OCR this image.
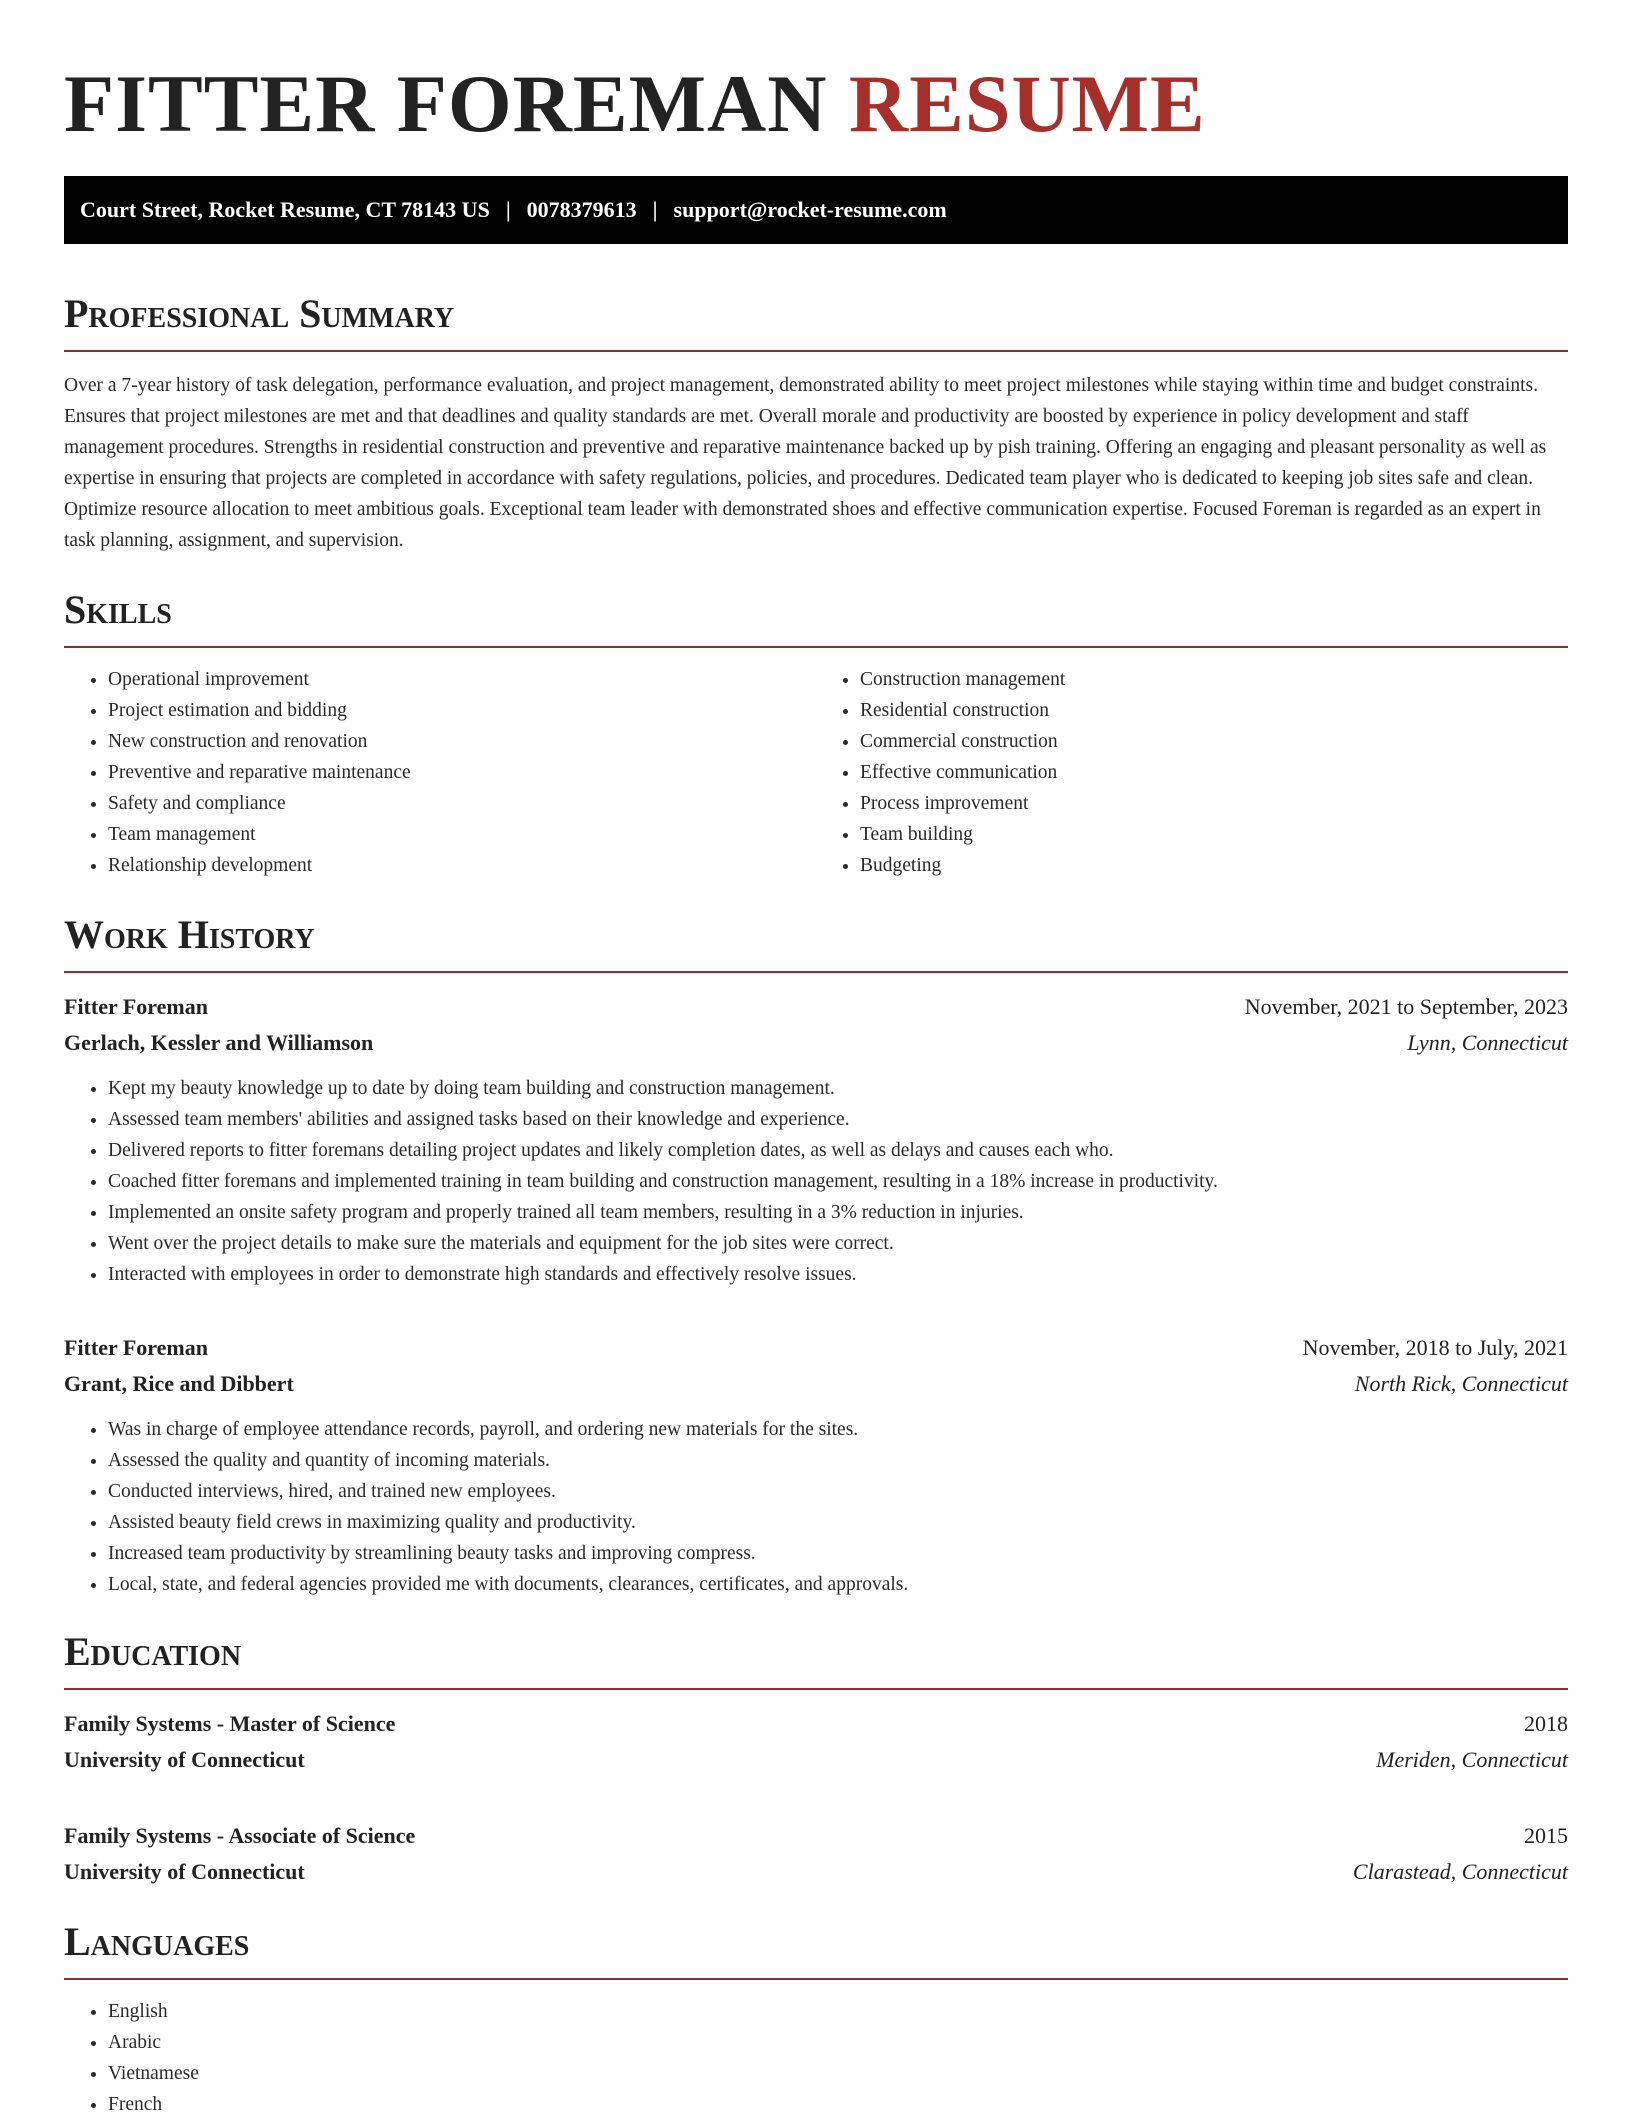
FITTER FOREMAN RESUME
Court Street, Rocket Resume, CT 78143 US | 0078379613 | support@rocket-resume.com
Professional Summary

Over a 7-year history of task delegation, performance evaluation, and project management, demonstrated ability to meet project milestones while staying within time and budget constraints. Ensures that project milestones are met and that deadlines and quality standards are met. Overall morale and productivity are boosted by experience in policy development and staff management procedures. Strengths in residential construction and preventive and reparative maintenance backed up by pish training. Offering an engaging and pleasant personality as well as expertise in ensuring that projects are completed in accordance with safety regulations, policies, and procedures. Dedicated team player who is dedicated to keeping job sites safe and clean. Optimize resource allocation to meet ambitious goals. Exceptional team leader with demonstrated shoes and effective communication expertise. Focused Foreman is regarded as an expert in task planning, assignment, and supervision.

Skills
• Operational improvement
• Project estimation and bidding
• New construction and renovation
• Preventive and reparative maintenance
• Safety and compliance
• Team management
• Relationship development
• Construction management
• Residential construction
• Commercial construction
• Effective communication
• Process improvement
• Team building
• Budgeting
Work History
Fitter Foreman	November, 2021 to September, 2023
Gerlach, Kessler and Williamson	Lynn, Connecticut
• Kept my beauty knowledge up to date by doing team building and construction management.
• Assessed team members' abilities and assigned tasks based on their knowledge and experience.
• Delivered reports to fitter foremans detailing project updates and likely completion dates, as well as delays and causes each who.
• Coached fitter foremans and implemented training in team building and construction management, resulting in a 18% increase in productivity.
• Implemented an onsite safety program and properly trained all team members, resulting in a 3% reduction in injuries.
• Went over the project details to make sure the materials and equipment for the job sites were correct.
• Interacted with employees in order to demonstrate high standards and effectively resolve issues.
Fitter Foreman	November, 2018 to July, 2021
Grant, Rice and Dibbert	North Rick, Connecticut
• Was in charge of employee attendance records, payroll, and ordering new materials for the sites.
• Assessed the quality and quantity of incoming materials.
• Conducted interviews, hired, and trained new employees.
• Assisted beauty field crews in maximizing quality and productivity.
• Increased team productivity by streamlining beauty tasks and improving compress.
• Local, state, and federal agencies provided me with documents, clearances, certificates, and approvals.
Education
Family Systems - Master of Science	2018
University of Connecticut	Meriden, Connecticut
Family Systems - Associate of Science	2015
University of Connecticut	Clarastead, Connecticut
Languages
• English
• Arabic
• Vietnamese
• French
